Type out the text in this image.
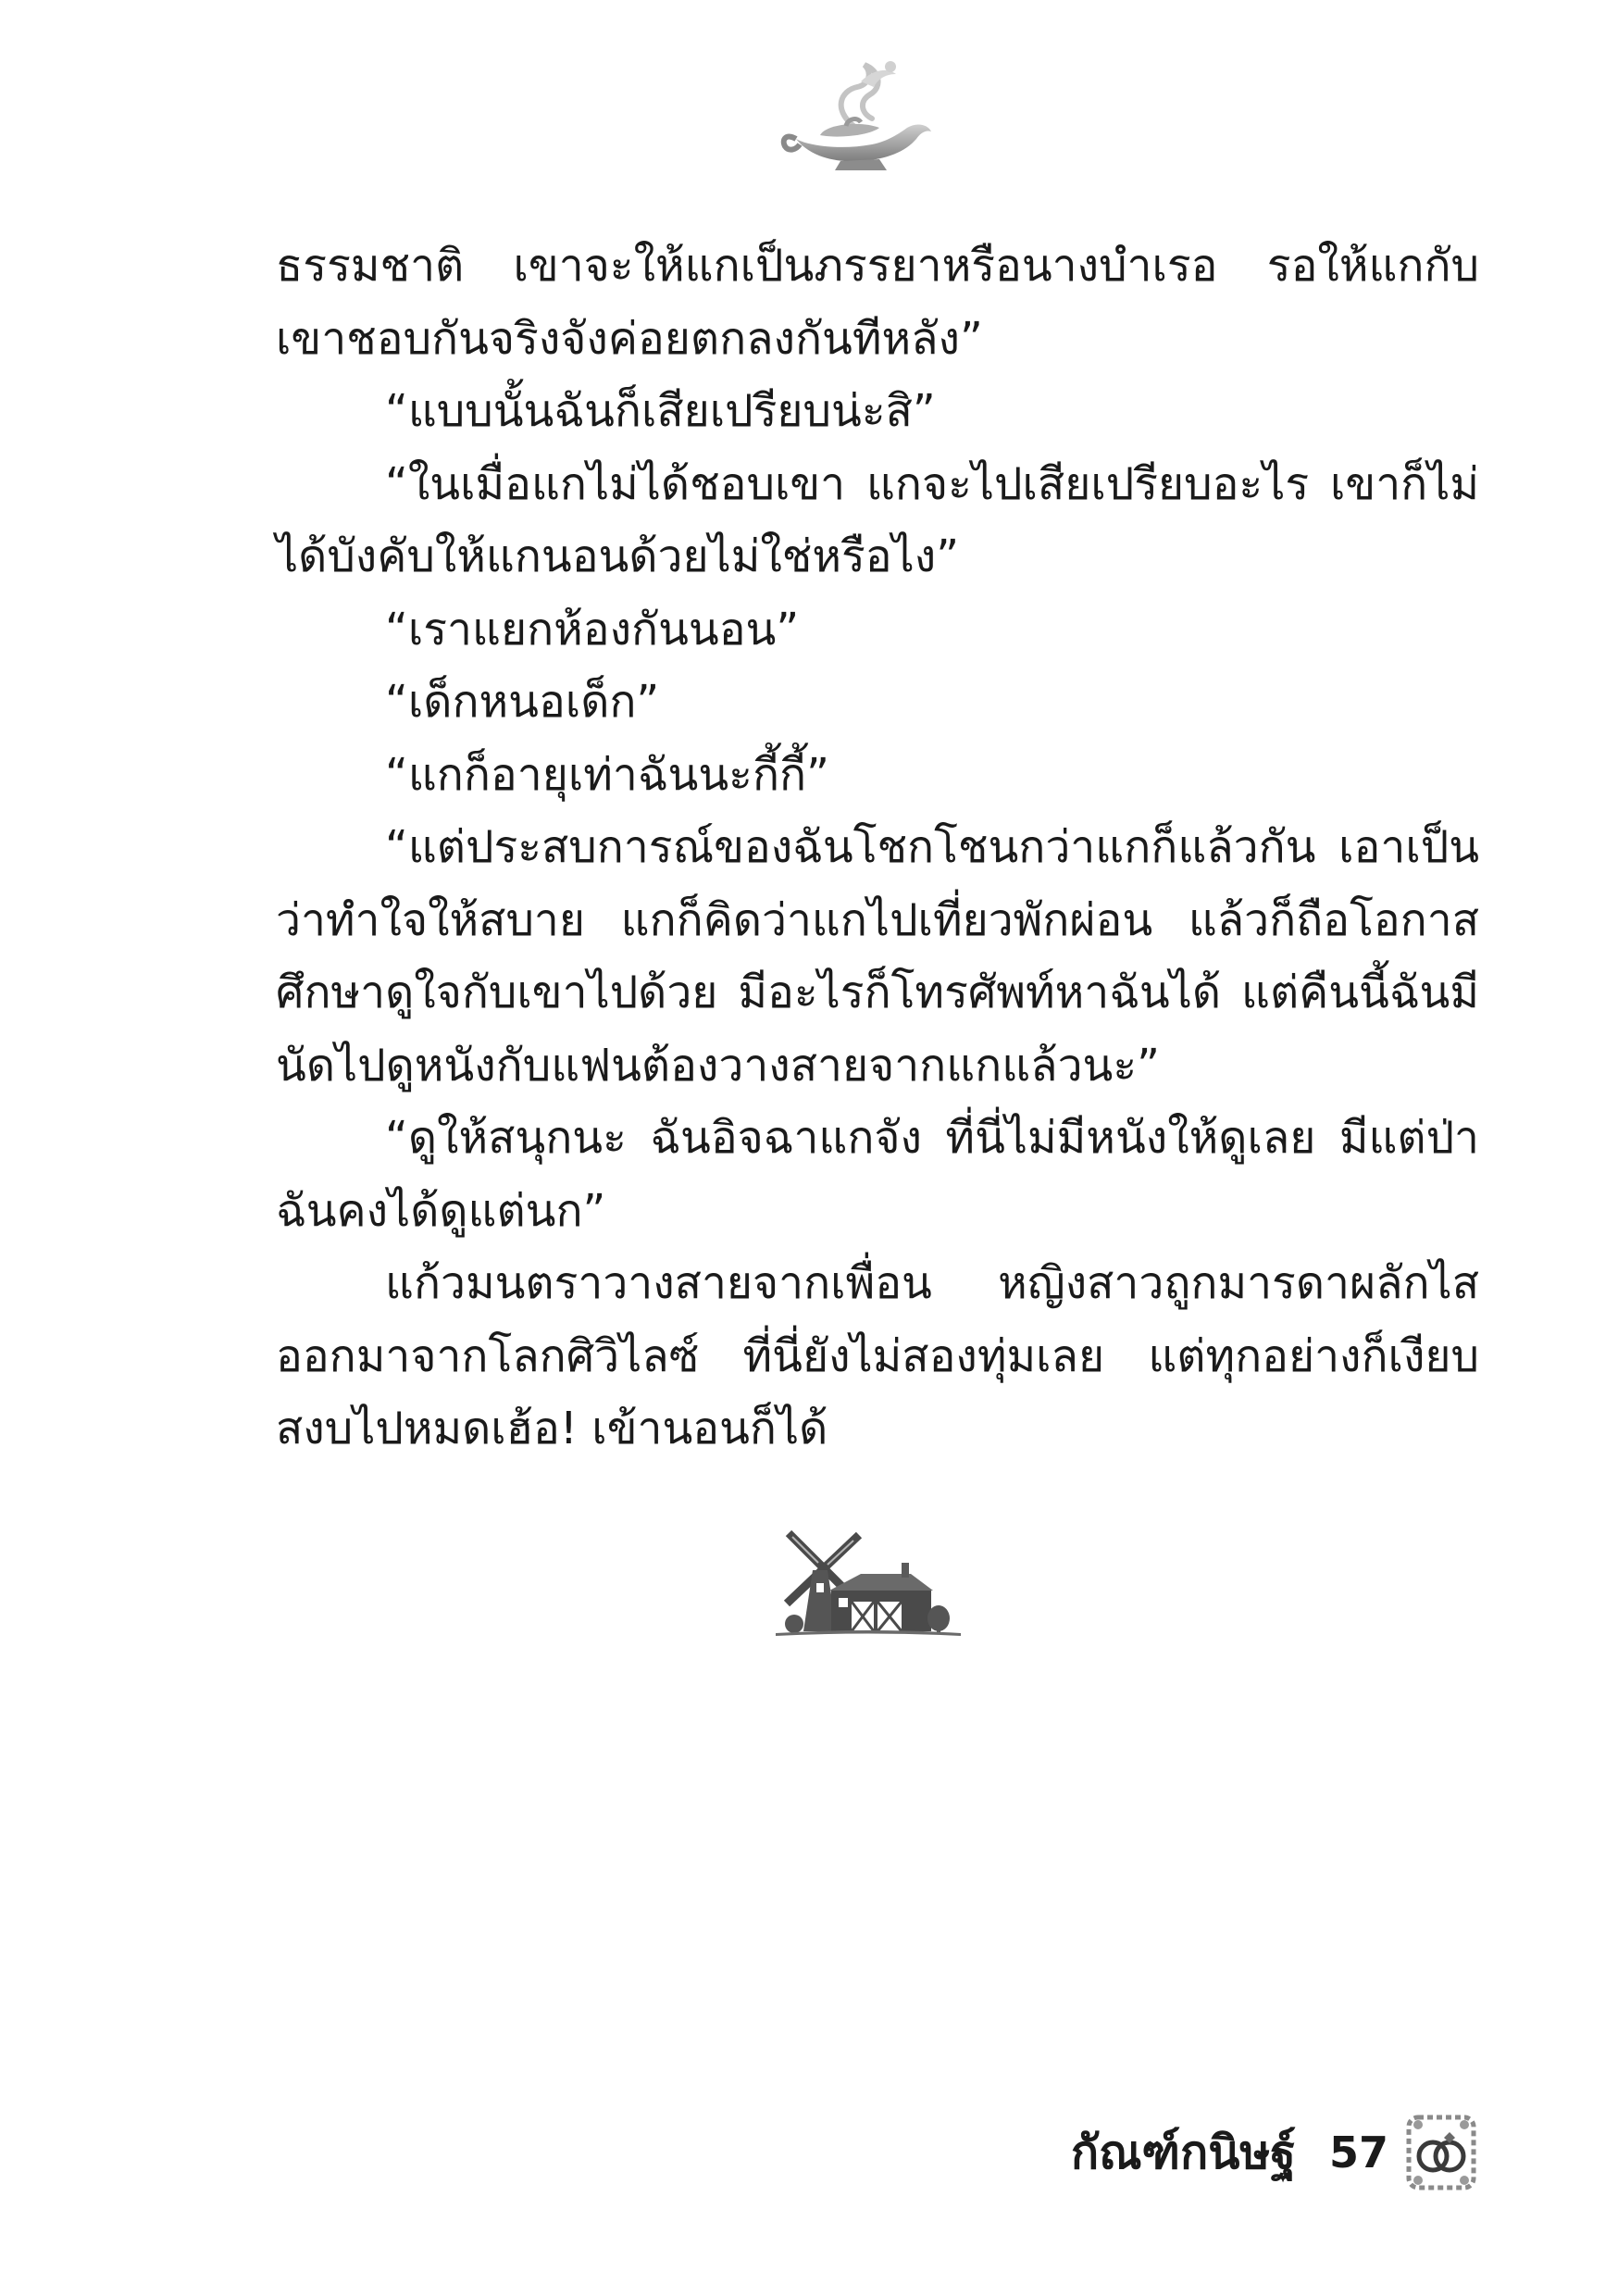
ธรรมชาติ เขาจะให้แกเป็นภรรยาหรือนางบำเรอ รอให้แกกับเขาชอบกันจริงจังค่อยตกลงกันทีหลัง”

“แบบนั้นฉันก็เสียเปรียบน่ะสิ”

“ในเมื่อแกไม่ได้ชอบเขา แกจะไปเสียเปรียบอะไร เขาก็ไม่ได้บังคับให้แกนอนด้วยไม่ใช่หรือไง”

“เราแยกห้องกันนอน”

“เด็กหนอเด็ก”

“แกก็อายุเท่าฉันนะกี้กี้”

“แต่ประสบการณ์ของฉันโชกโชนกว่าแกก็แล้วกัน เอาเป็นว่าทำใจให้สบาย แกก็คิดว่าแกไปเที่ยวพักผ่อน แล้วก็ถือโอกาสศึกษาดูใจกับเขาไปด้วย มีอะไรก็โทรศัพท์หาฉันได้ แต่คืนนี้ฉันมีนัดไปดูหนังกับแฟนต้องวางสายจากแกแล้วนะ”

“ดูให้สนุกนะ ฉันอิจฉาแกจัง ที่นี่ไม่มีหนังให้ดูเลย มีแต่ป่า ฉันคงได้ดูแต่นก”

แก้วมนตราวางสายจากเพื่อน หญิงสาวถูกมารดาผลักไสออกมาจากโลกศิวิไลซ์ ที่นี่ยังไม่สองทุ่มเลย แต่ทุกอย่างก็เงียบสงบไปหมดเฮ้อ! เข้านอนก็ได้

กัณฑ์กนิษฐ์ 57
